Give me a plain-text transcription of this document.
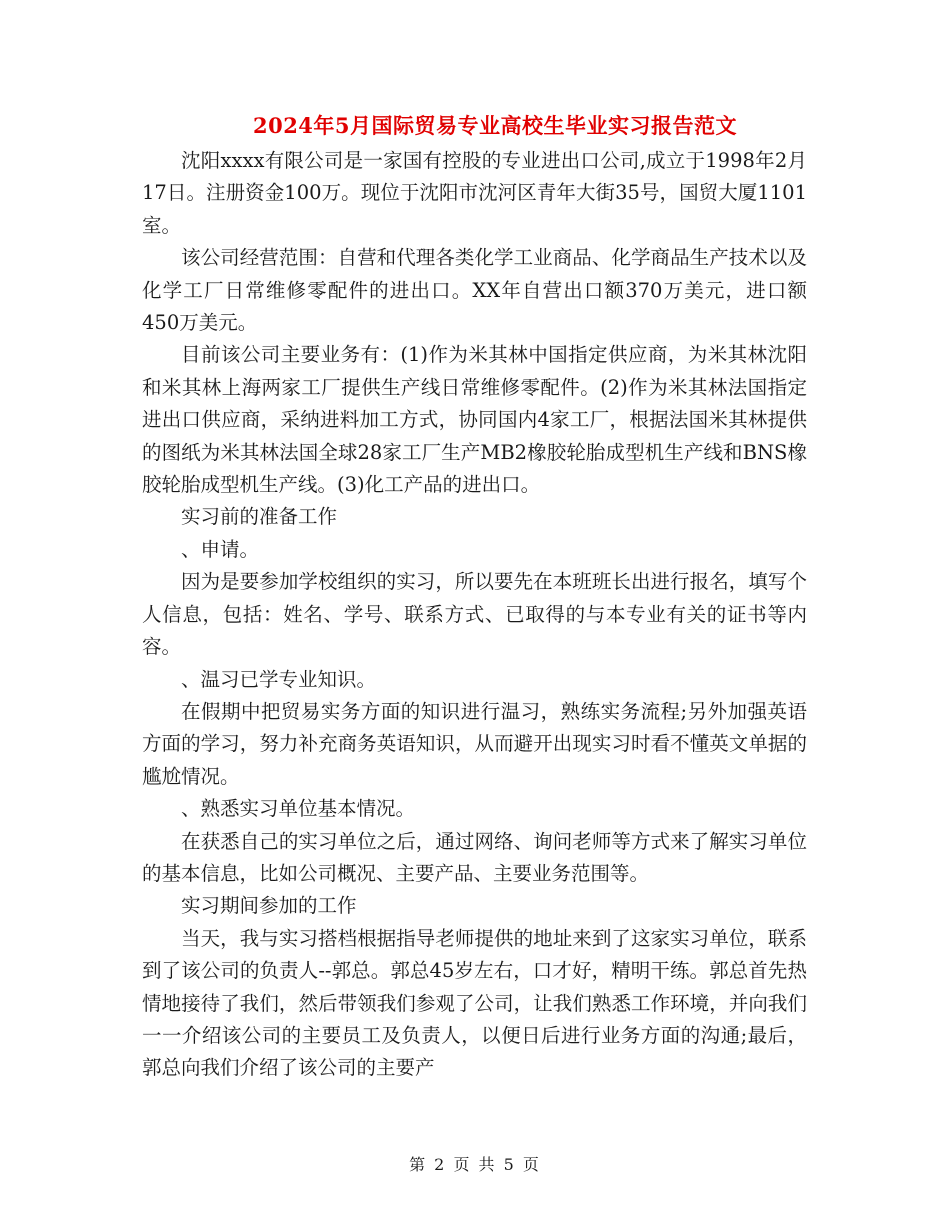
2024年5月国际贸易专业高校生毕业实习报告范文

沈阳xxxx有限公司是一家国有控股的专业进出口公司,成立于1998年2月17日。注册资金100万。现位于沈阳市沈河区青年大街35号，国贸大厦1101室。

该公司经营范围：自营和代理各类化学工业商品、化学商品生产技术以及化学工厂日常维修零配件的进出口。XX年自营出口额370万美元，进口额450万美元。

目前该公司主要业务有：(1)作为米其林中国指定供应商，为米其林沈阳和米其林上海两家工厂提供生产线日常维修零配件。(2)作为米其林法国指定进出口供应商，采纳进料加工方式，协同国内4家工厂，根据法国米其林提供的图纸为米其林法国全球28家工厂生产MB2橡胶轮胎成型机生产线和BNS橡胶轮胎成型机生产线。(3)化工产品的进出口。

实习前的准备工作

、申请。

因为是要参加学校组织的实习，所以要先在本班班长出进行报名，填写个人信息，包括：姓名、学号、联系方式、已取得的与本专业有关的证书等内容。

、温习已学专业知识。

在假期中把贸易实务方面的知识进行温习，熟练实务流程;另外加强英语方面的学习，努力补充商务英语知识，从而避开出现实习时看不懂英文单据的尴尬情况。

、熟悉实习单位基本情况。

在获悉自己的实习单位之后，通过网络、询问老师等方式来了解实习单位的基本信息，比如公司概况、主要产品、主要业务范围等。

实习期间参加的工作

当天，我与实习搭档根据指导老师提供的地址来到了这家实习单位，联系到了该公司的负责人--郭总。郭总45岁左右，口才好，精明干练。郭总首先热情地接待了我们，然后带领我们参观了公司，让我们熟悉工作环境，并向我们一一介绍该公司的主要员工及负责人，以便日后进行业务方面的沟通;最后，郭总向我们介绍了该公司的主要产

第 2 页 共 5 页
